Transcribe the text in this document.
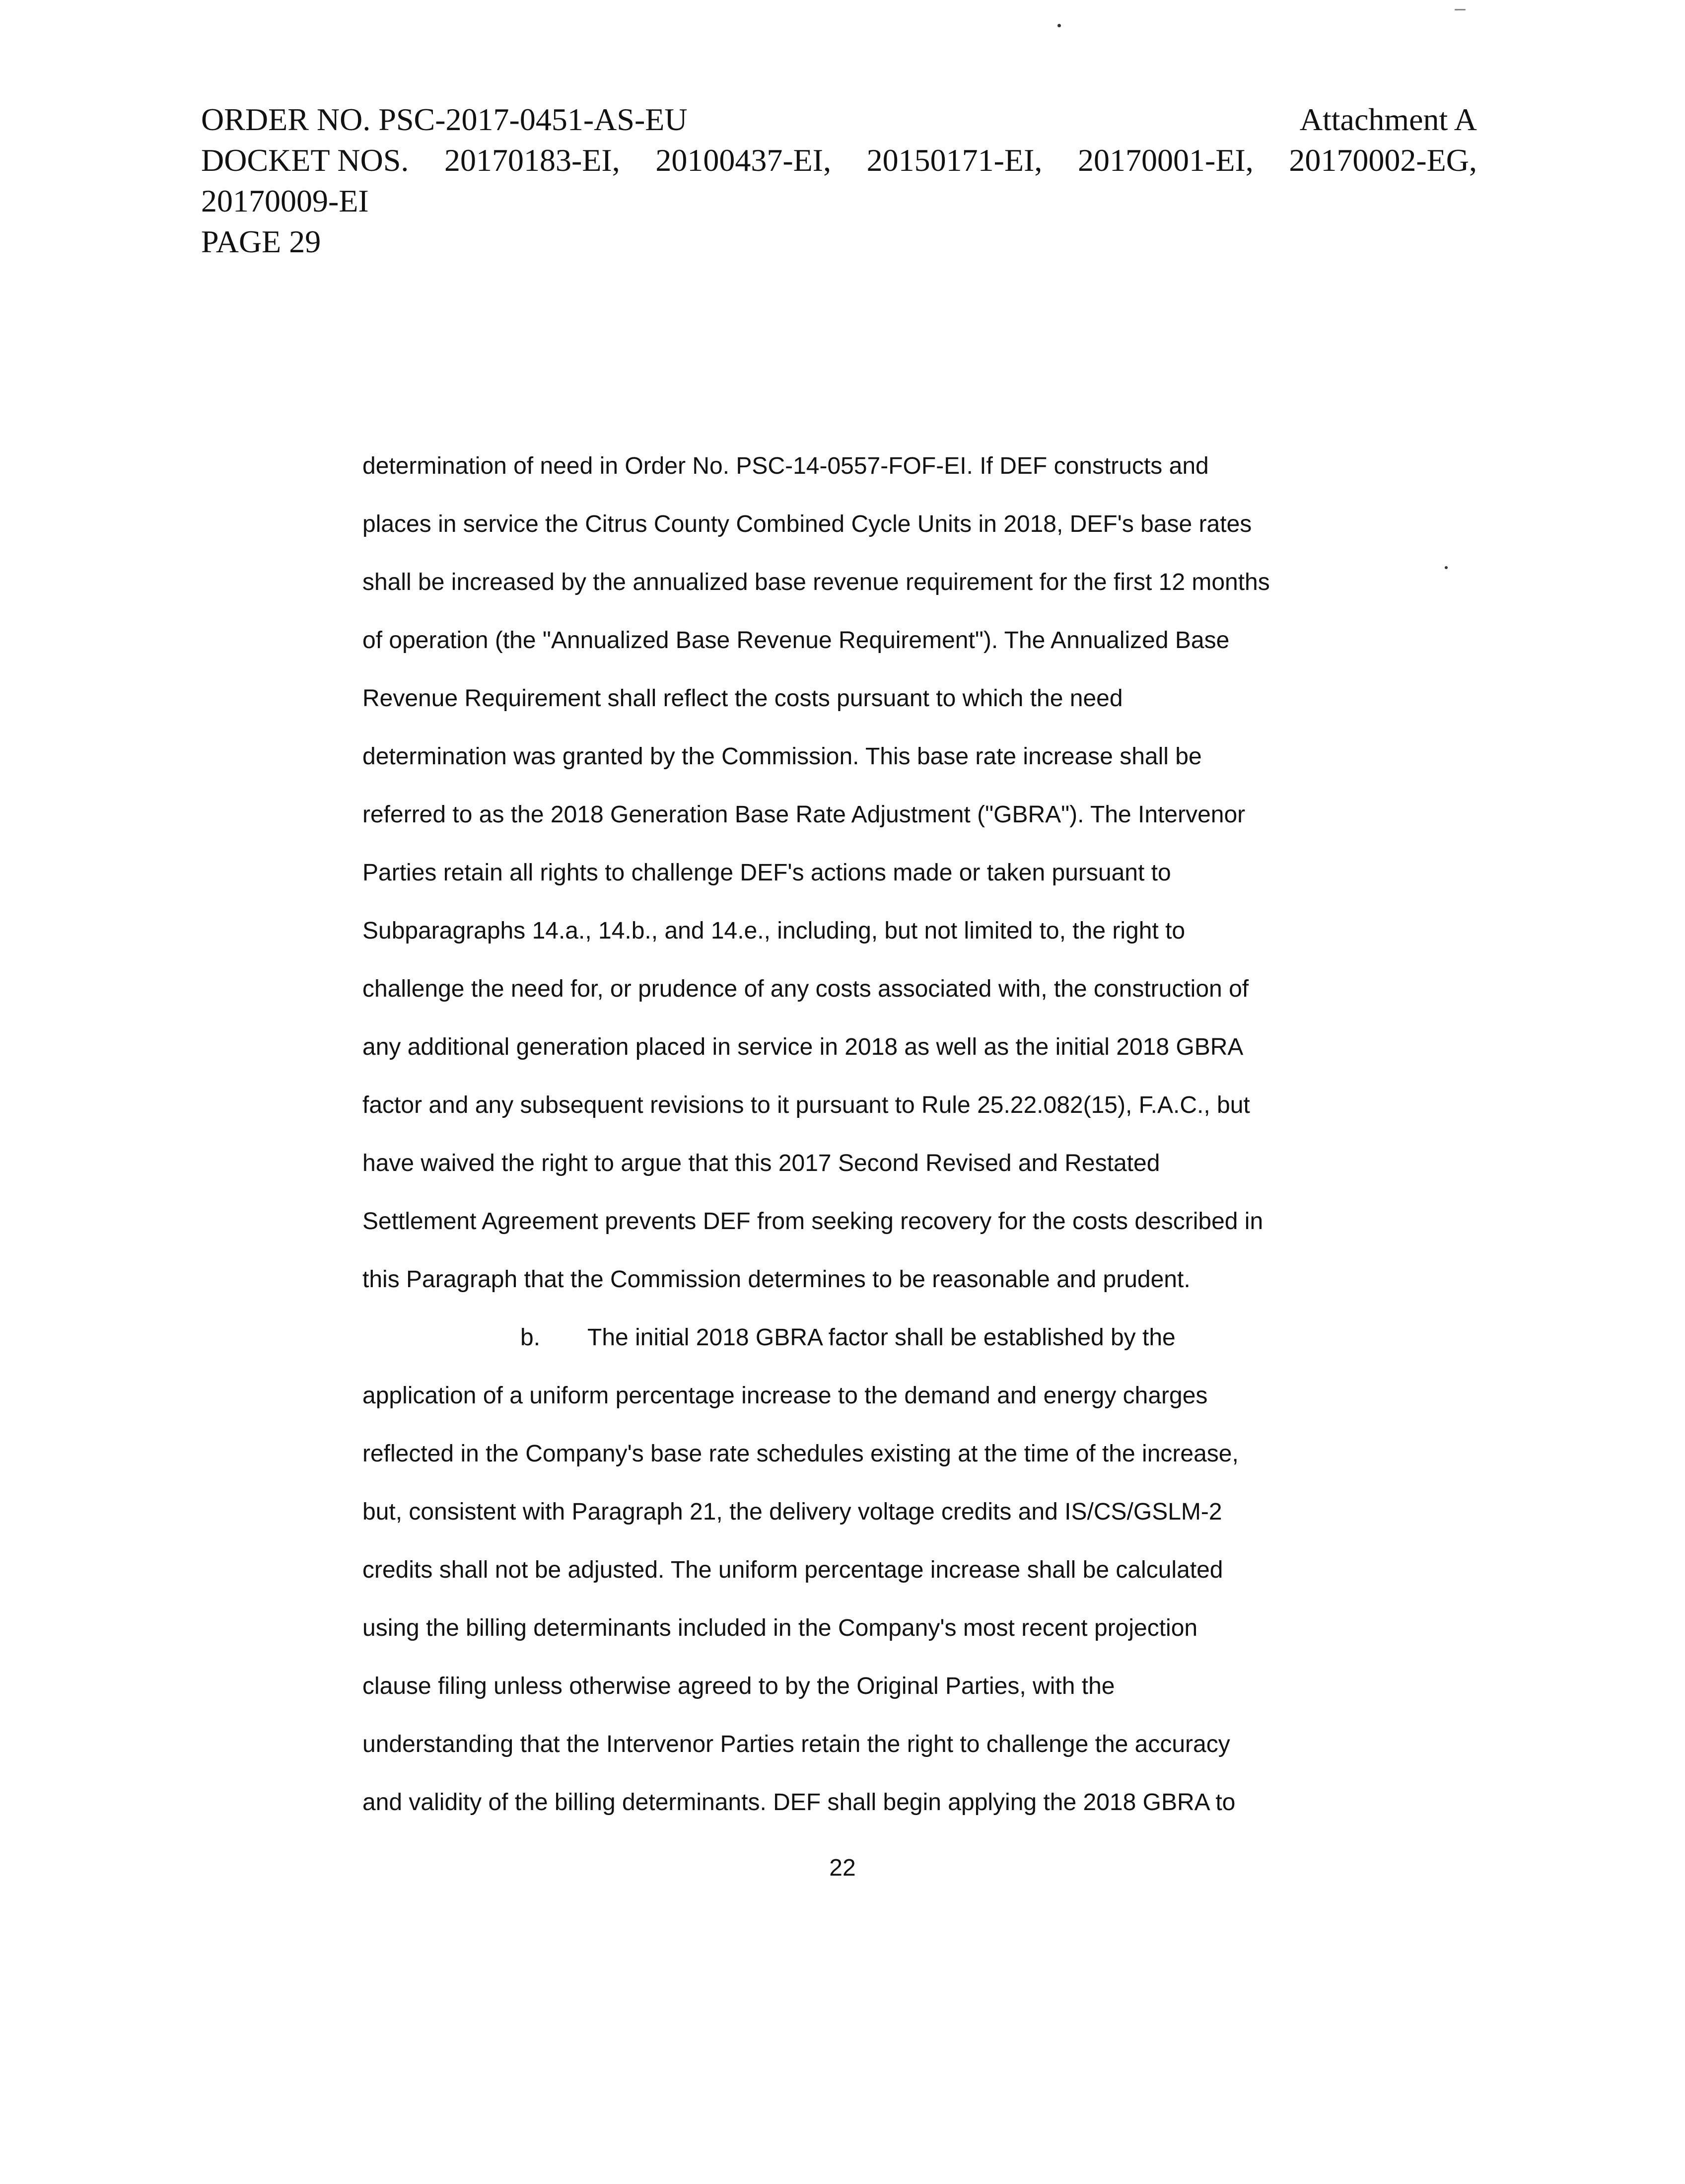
ORDER NO. PSC-2017-0451-AS-EU	Attachment A
DOCKET NOS. 20170183-EI, 20100437-EI, 20150171-EI, 20170001-EI, 20170002-EG,
20170009-EI
PAGE 29
determination of need in Order No. PSC-14-0557-FOF-EI. If DEF constructs and
places in service the Citrus County Combined Cycle Units in 2018, DEF's base rates
shall be increased by the annualized base revenue requirement for the first 12 months
of operation (the "Annualized Base Revenue Requirement"). The Annualized Base
Revenue Requirement shall reflect the costs pursuant to which the need
determination was granted by the Commission. This base rate increase shall be
referred to as the 2018 Generation Base Rate Adjustment ("GBRA"). The Intervenor
Parties retain all rights to challenge DEF's actions made or taken pursuant to
Subparagraphs 14.a., 14.b., and 14.e., including, but not limited to, the right to
challenge the need for, or prudence of any costs associated with, the construction of
any additional generation placed in service in 2018 as well as the initial 2018 GBRA
factor and any subsequent revisions to it pursuant to Rule 25.22.082(15), F.A.C., but
have waived the right to argue that this 2017 Second Revised and Restated
Settlement Agreement prevents DEF from seeking recovery for the costs described in
this Paragraph that the Commission determines to be reasonable and prudent.
b. The initial 2018 GBRA factor shall be established by the
application of a uniform percentage increase to the demand and energy charges
reflected in the Company's base rate schedules existing at the time of the increase,
but, consistent with Paragraph 21, the delivery voltage credits and IS/CS/GSLM-2
credits shall not be adjusted. The uniform percentage increase shall be calculated
using the billing determinants included in the Company's most recent projection
clause filing unless otherwise agreed to by the Original Parties, with the
understanding that the Intervenor Parties retain the right to challenge the accuracy
and validity of the billing determinants. DEF shall begin applying the 2018 GBRA to
22
